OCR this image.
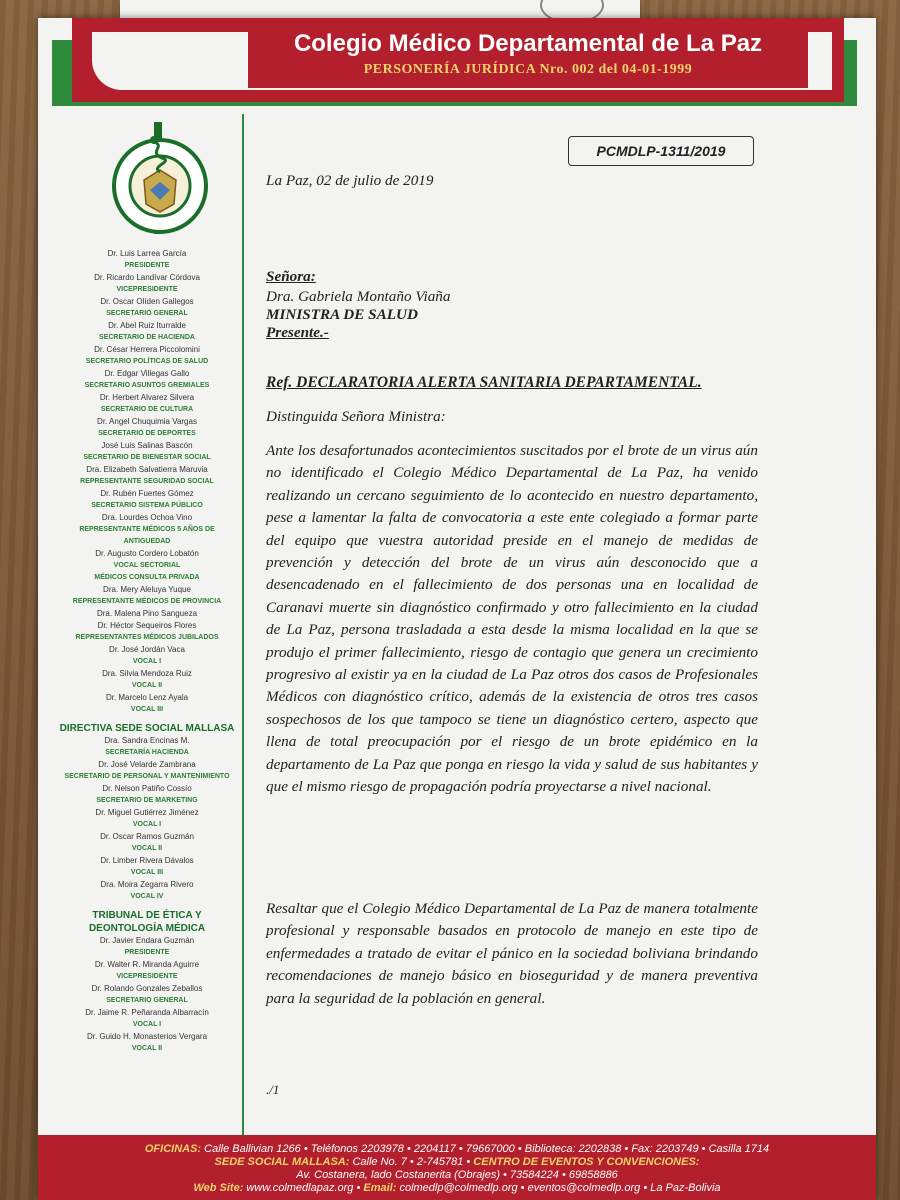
Colegio Médico Departamental de La Paz
PERSONERÍA JURÍDICA Nro. 002 del 04-01-1999
Dr. Luis Larrea García
PRESIDENTE
Dr. Ricardo Landívar Córdova
VICEPRESIDENTE
Dr. Oscar Olíden Gallegos
SECRETARIO GENERAL
Dr. Abel Ruiz Iturralde
SECRETARIO DE HACIENDA
Dr. César Herrera Piccolomini
SECRETARIO POLÍTICAS DE SALUD
Dr. Edgar Villegas Gallo
SECRETARIO ASUNTOS GREMIALES
Dr. Herbert Alvarez Silvera
SECRETARIO DE CULTURA
Dr. Angel Chuquimia Vargas
SECRETARIO DE DEPORTES
José Luis Salinas Bascón
SECRETARIO DE BIENESTAR SOCIAL
Dra. Elizabeth Salvatierra Maruvia
REPRESENTANTE SEGURIDAD SOCIAL
Dr. Rubén Fuertes Gómez
SECRETARIO SISTEMA PÚBLICO
Dra. Lourdes Ochoa Vino
REPRESENTANTE MÉDICOS 5 AÑOS DE ANTIGUEDAD
Dr. Augusto Cordero Lobatón
VOCAL SECTORIAL
MÉDICOS CONSULTA PRIVADA
Dra. Mery Aleluya Yuque
REPRESENTANTE MÉDICOS DE PROVINCIA
Dra. Malena Pino Sangueza
Dr. Héctor Sequeiros Flores
REPRESENTANTES MÉDICOS JUBILADOS
Dr. José Jordán Vaca
VOCAL I
Dra. Silvia Mendoza Ruiz
VOCAL II
Dr. Marcelo Lenz Ayala
VOCAL III
DIRECTIVA SEDE SOCIAL MALLASA
Dra. Sandra Encinas M.
SECRETARÍA HACIENDA
Dr. José Velarde Zambrana
SECRETARIO DE PERSONAL Y MANTENIMIENTO
Dr. Nelson Patiño Cossío
SECRETARIO DE MARKETING
Dr. Miguel Gutiérrez Jiménez
VOCAL I
Dr. Oscar Ramos Guzmán
VOCAL II
Dr. Limber Rivera Dávalos
VOCAL III
Dra. Moira Zegarra Rivero
VOCAL IV
TRIBUNAL DE ÉTICA Y DEONTOLOGÍA MÉDICA
Dr. Javier Endara Guzmán
PRESIDENTE
Dr. Walter R. Miranda Aguirre
VICEPRESIDENTE
Dr. Rolando Gonzales Zeballos
SECRETARIO GENERAL
Dr. Jaime R. Peñaranda Albarracín
VOCAL I
Dr. Guido H. Monasterios Vergara
VOCAL II
PCMDLP-1311/2019
La Paz, 02 de julio de 2019
Señora:
Dra. Gabriela Montaño Viaña
MINISTRA DE SALUD
Presente.-
Ref. DECLARATORIA ALERTA SANITARIA DEPARTAMENTAL.
Distinguida Señora Ministra:
Ante los desafortunados acontecimientos suscitados por el brote de un virus aún no identificado el Colegio Médico Departamental de La Paz, ha venido realizando un cercano seguimiento de lo acontecido en nuestro departamento, pese a lamentar la falta de convocatoria a este ente colegiado a formar parte del equipo que vuestra autoridad preside en el manejo de medidas de prevención y detección del brote de un virus aún desconocido que a desencadenado en el fallecimiento de dos personas una en localidad de Caranavi muerte sin diagnóstico confirmado y otro fallecimiento en la ciudad de La Paz, persona trasladada a esta desde la misma localidad en la que se produjo el primer fallecimiento, riesgo de contagio que genera un crecimiento progresivo al existir ya en la ciudad de La Paz otros dos casos de Profesionales Médicos con diagnóstico crítico, además de la existencia de otros tres casos sospechosos de los que tampoco se tiene un diagnóstico certero, aspecto que llena de total preocupación por el riesgo de un brote epidémico en la departamento de La Paz que ponga en riesgo la vida y salud de sus habitantes y que el mismo riesgo de propagación podría proyectarse a nivel nacional.
Resaltar que el Colegio Médico Departamental de La Paz de manera totalmente profesional y responsable basados en protocolo de manejo en este tipo de enfermedades a tratado de evitar el pánico en la sociedad boliviana brindando recomendaciones de manejo básico en bioseguridad y de manera preventiva para la seguridad de la población en general.
./1
OFICINAS: Calle Ballivian 1266 • Teléfonos 2203978 • 2204117 • 79667000 • Biblioteca: 2202838 • Fax: 2203749 • Casilla 1714
SEDE SOCIAL MALLASA: Calle No. 7 • 2-745781 • CENTRO DE EVENTOS Y CONVENCIONES:
Av. Costanera, lado Costanerita (Obrajes) • 73584224 • 69858886
Web Site: www.colmedlapaz.org • Email: colmedlp@colmedlp.org • eventos@colmedlp.org • La Paz-Bolivia
